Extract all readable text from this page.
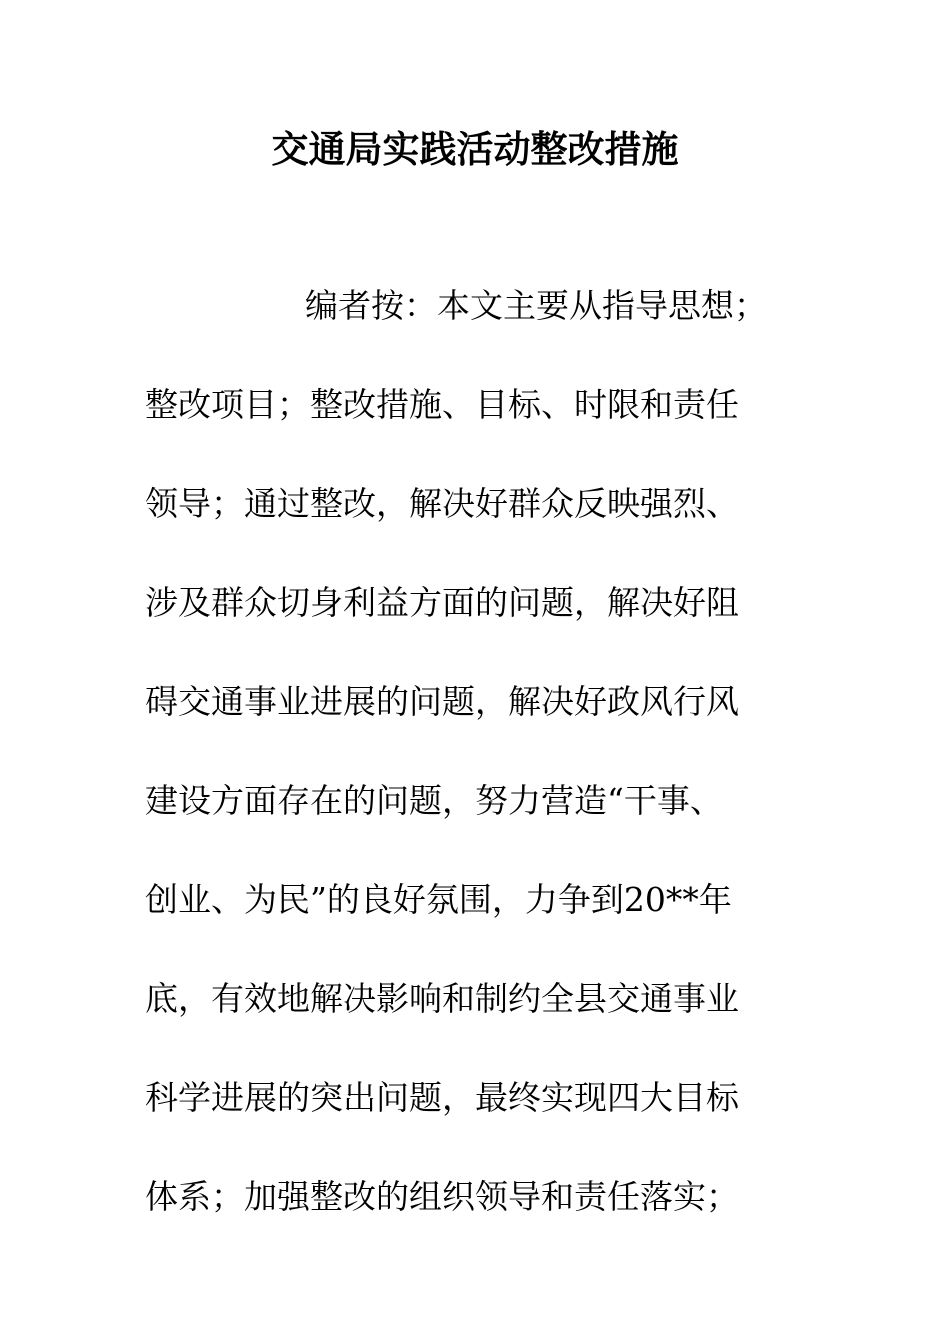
交通局实践活动整改措施
编者按：本文主要从指导思想；
整改项目；整改措施、目标、时限和责任
领导；通过整改，解决好群众反映强烈、
涉及群众切身利益方面的问题，解决好阻
碍交通事业进展的问题，解决好政风行风
建设方面存在的问题，努力营造“干事、
创业、为民”的良好氛围，力争到20**年
底，有效地解决影响和制约全县交通事业
科学进展的突出问题，最终实现四大目标
体系；加强整改的组织领导和责任落实；
